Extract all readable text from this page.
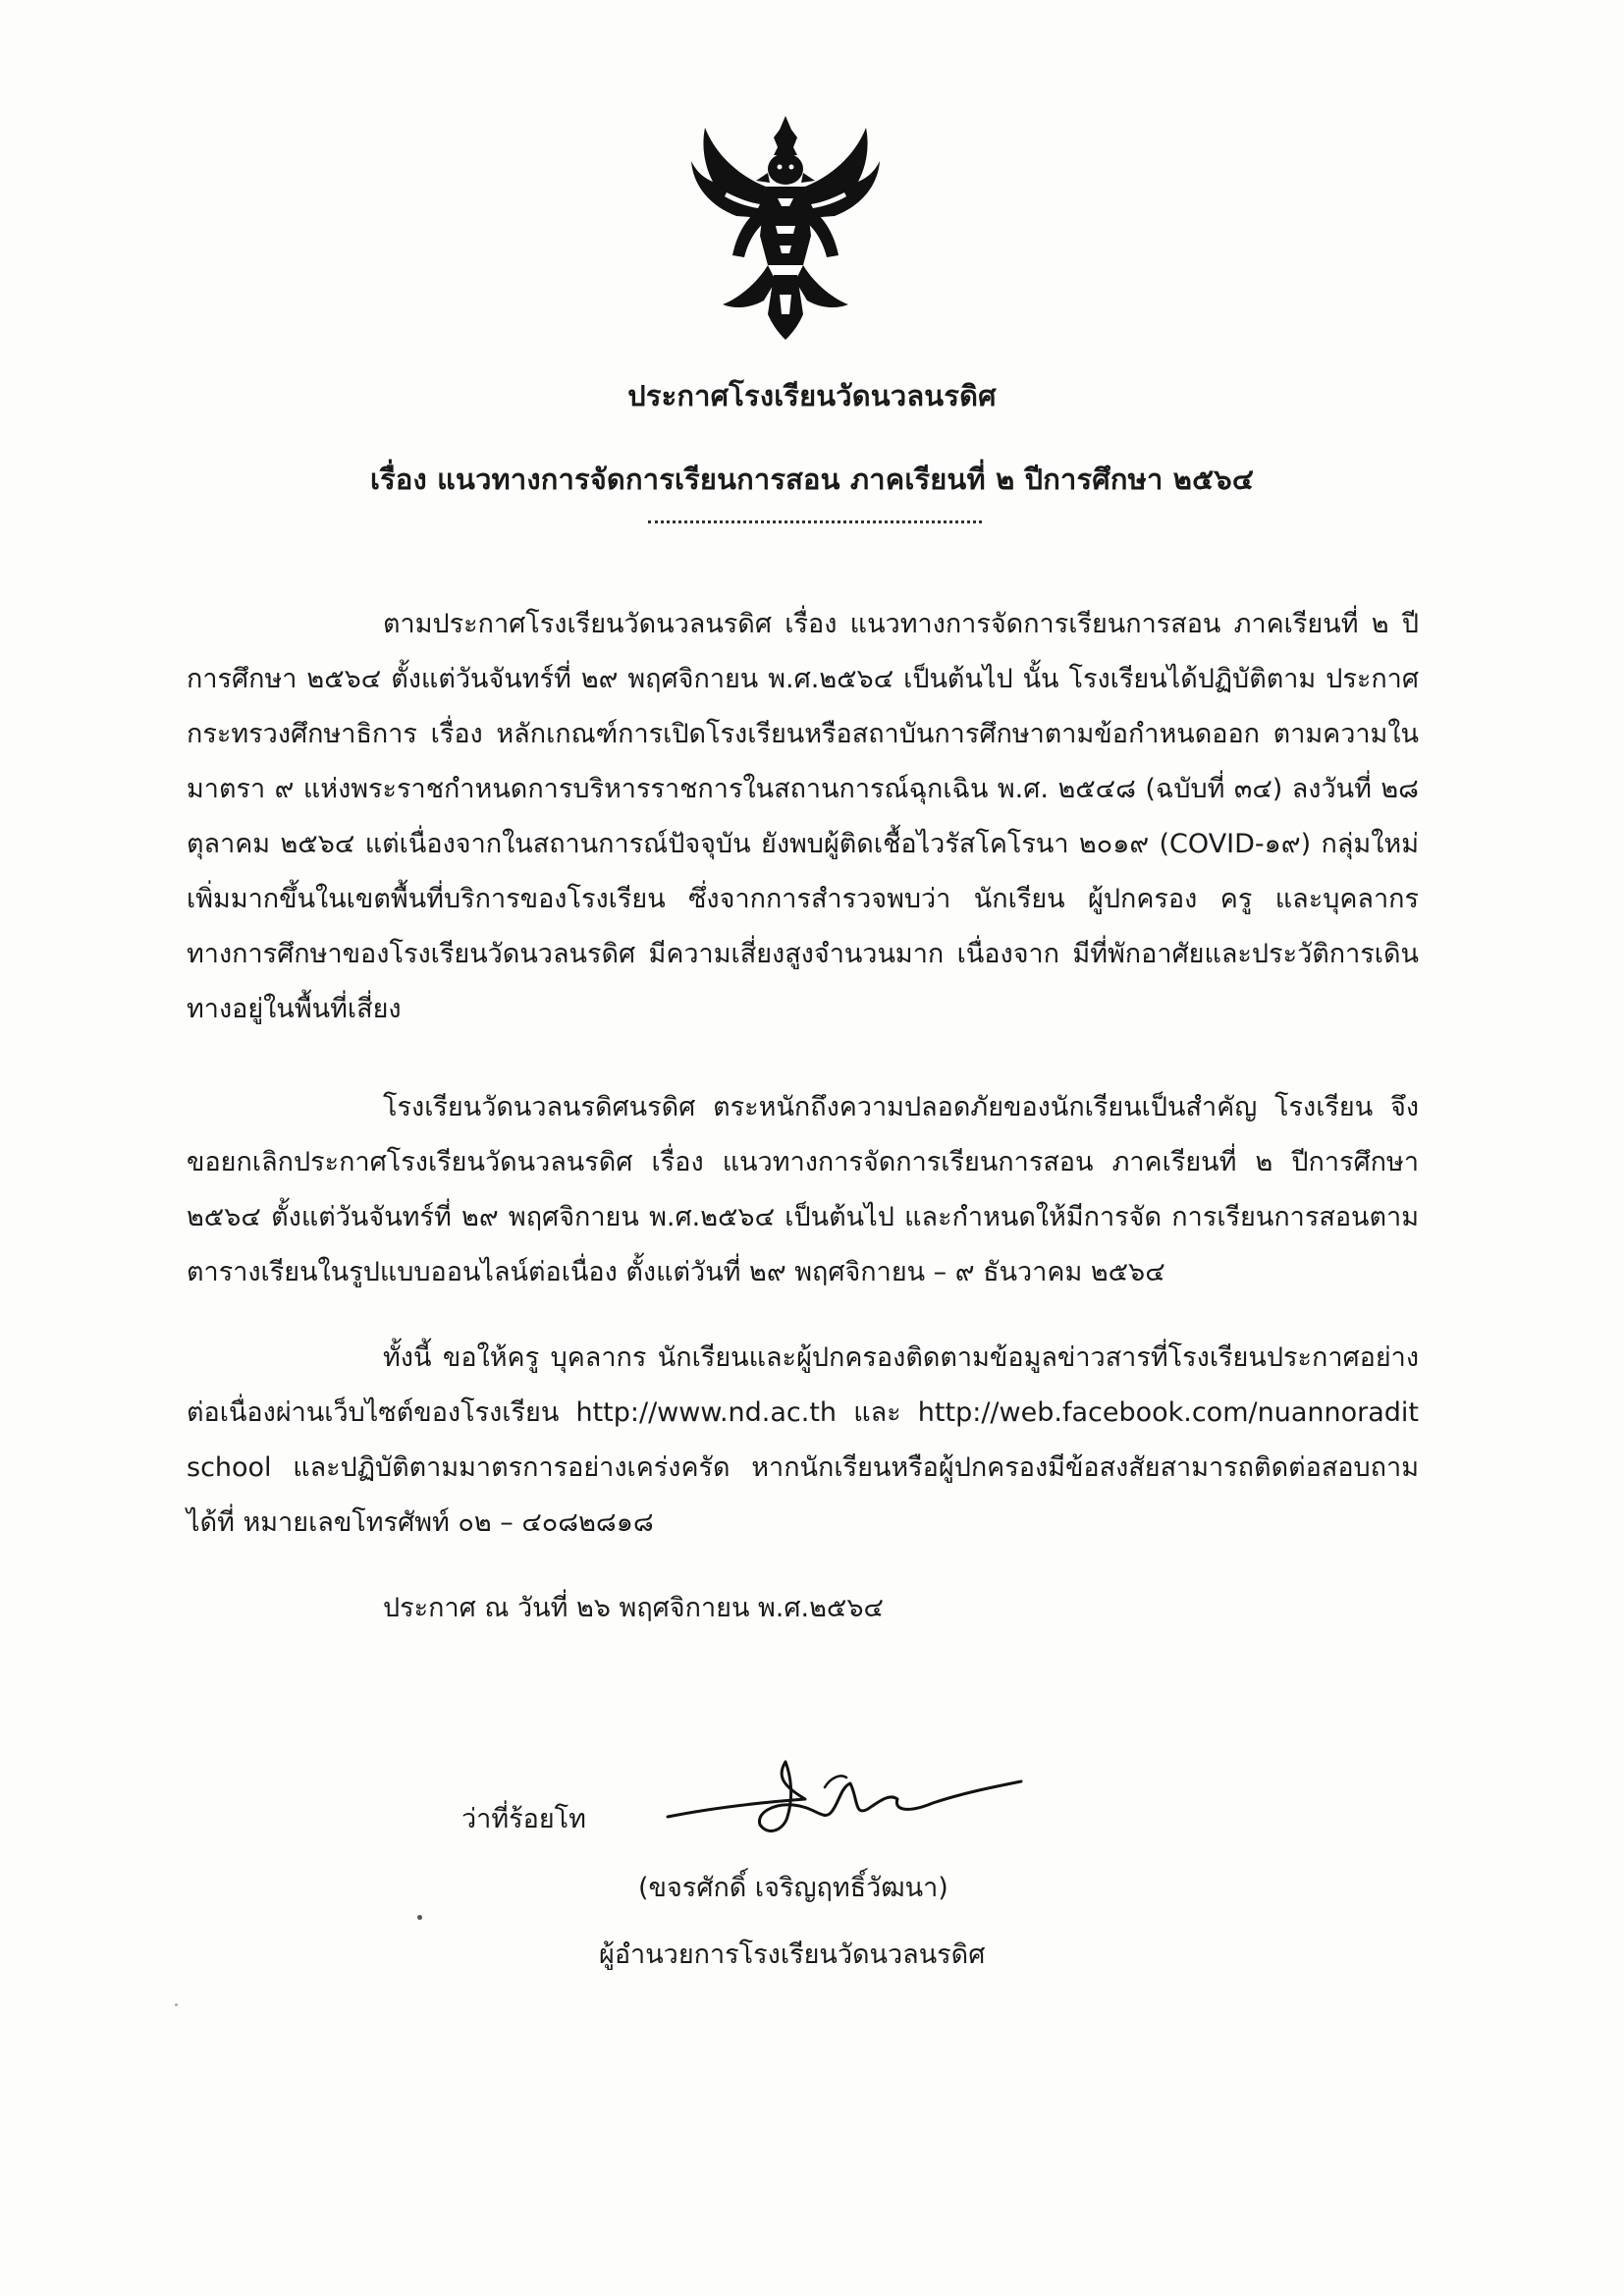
ประกาศโรงเรียนวัดนวลนรดิศ
เรื่อง แนวทางการจัดการเรียนการสอน ภาคเรียนที่ ๒ ปีการศึกษา ๒๕๖๔
ตามประกาศโรงเรียนวัดนวลนรดิศ เรื่อง แนวทางการจัดการเรียนการสอน ภาคเรียนที่ ๒ ปีการศึกษา ๒๕๖๔ ตั้งแต่วันจันทร์ที่ ๒๙ พฤศจิกายน พ.ศ.๒๕๖๔ เป็นต้นไป นั้น โรงเรียนได้ปฏิบัติตาม ประกาศกระทรวงศึกษาธิการ เรื่อง หลักเกณฑ์การเปิดโรงเรียนหรือสถาบันการศึกษาตามข้อกำหนดออก ตามความใน มาตรา ๙ แห่งพระราชกำหนดการบริหารราชการในสถานการณ์ฉุกเฉิน พ.ศ. ๒๕๔๘ (ฉบับที่ ๓๔) ลงวันที่ ๒๘ ตุลาคม ๒๕๖๔ แต่เนื่องจากในสถานการณ์ปัจจุบัน ยังพบผู้ติดเชื้อไวรัสโคโรนา ๒๐๑๙ (COVID-๑๙) กลุ่มใหม่เพิ่มมากขึ้นในเขตพื้นที่บริการของโรงเรียน ซึ่งจากการสำรวจพบว่า นักเรียน ผู้ปกครอง ครู และบุคลากรทางการศึกษาของโรงเรียนวัดนวลนรดิศ มีความเสี่ยงสูงจำนวนมาก เนื่องจาก มีที่พักอาศัยและประวัติการเดินทางอยู่ในพื้นที่เสี่ยง
โรงเรียนวัดนวลนรดิศนรดิศ ตระหนักถึงความปลอดภัยของนักเรียนเป็นสำคัญ โรงเรียน จึงขอยกเลิกประกาศโรงเรียนวัดนวลนรดิศ เรื่อง แนวทางการจัดการเรียนการสอน ภาคเรียนที่ ๒ ปีการศึกษา ๒๕๖๔ ตั้งแต่วันจันทร์ที่ ๒๙ พฤศจิกายน พ.ศ.๒๕๖๔ เป็นต้นไป และกำหนดให้มีการจัด การเรียนการสอนตามตารางเรียนในรูปแบบออนไลน์ต่อเนื่อง ตั้งแต่วันที่ ๒๙ พฤศจิกายน – ๙ ธันวาคม ๒๕๖๔
ทั้งนี้ ขอให้ครู บุคลากร นักเรียนและผู้ปกครองติดตามข้อมูลข่าวสารที่โรงเรียนประกาศอย่าง ต่อเนื่องผ่านเว็บไซต์ของโรงเรียน http://www.nd.ac.th และ http://web.facebook.com/nuannoradit school และปฏิบัติตามมาตรการอย่างเคร่งครัด หากนักเรียนหรือผู้ปกครองมีข้อสงสัยสามารถติดต่อสอบถาม ได้ที่ หมายเลขโทรศัพท์ ๐๒ – ๔๐๘๒๘๑๘
ประกาศ ณ วันที่ ๒๖ พฤศจิกายน พ.ศ.๒๕๖๔
ว่าที่ร้อยโท
(ขจรศักดิ์ เจริญฤทธิ์วัฒนา)
ผู้อำนวยการโรงเรียนวัดนวลนรดิศ
